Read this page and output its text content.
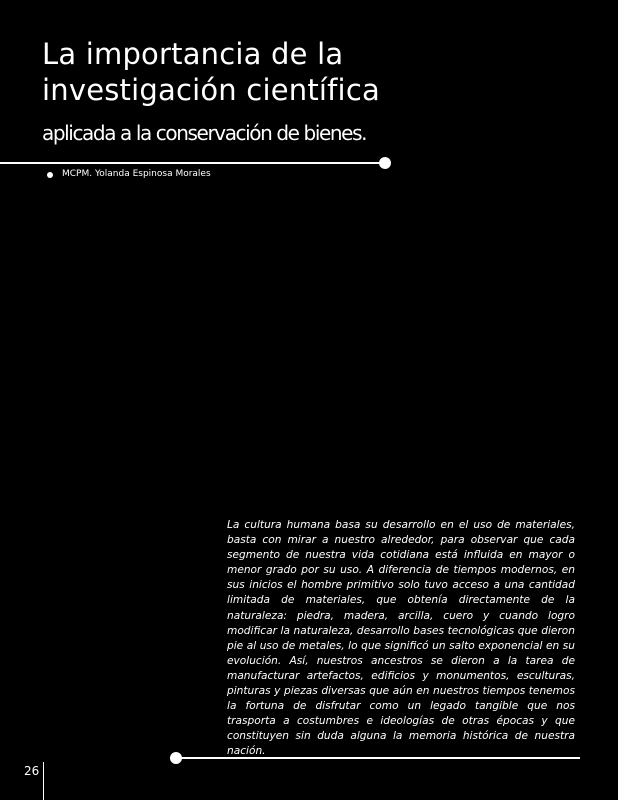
La importancia de la
investigación científica
aplicada a la conservación de bienes.
MCPM. Yolanda Espinosa Morales

La cultura humana basa su desarrollo en el uso de materiales, basta con mirar a nuestro alrededor, para observar que cada segmento de nuestra vida cotidiana está influida en mayor o menor grado por su uso. A diferencia de tiempos modernos, en sus inicios el hombre primitivo solo tuvo acceso a una cantidad limitada de materiales, que obtenía directamente de la naturaleza: piedra, madera, arcilla, cuero y cuando logro modificar la naturaleza, desarrollo bases tecnológicas que dieron pie al uso de metales, lo que significó un salto exponencial en su evolución. Así, nuestros ancestros se dieron a la tarea de manufacturar artefactos, edificios y monumentos, esculturas, pinturas y piezas diversas que aún en nuestros tiempos tenemos la fortuna de disfrutar como un legado tangible que nos trasporta a costumbres e ideologías de otras épocas y que constituyen sin duda alguna la memoria histórica de nuestra nación.

26
